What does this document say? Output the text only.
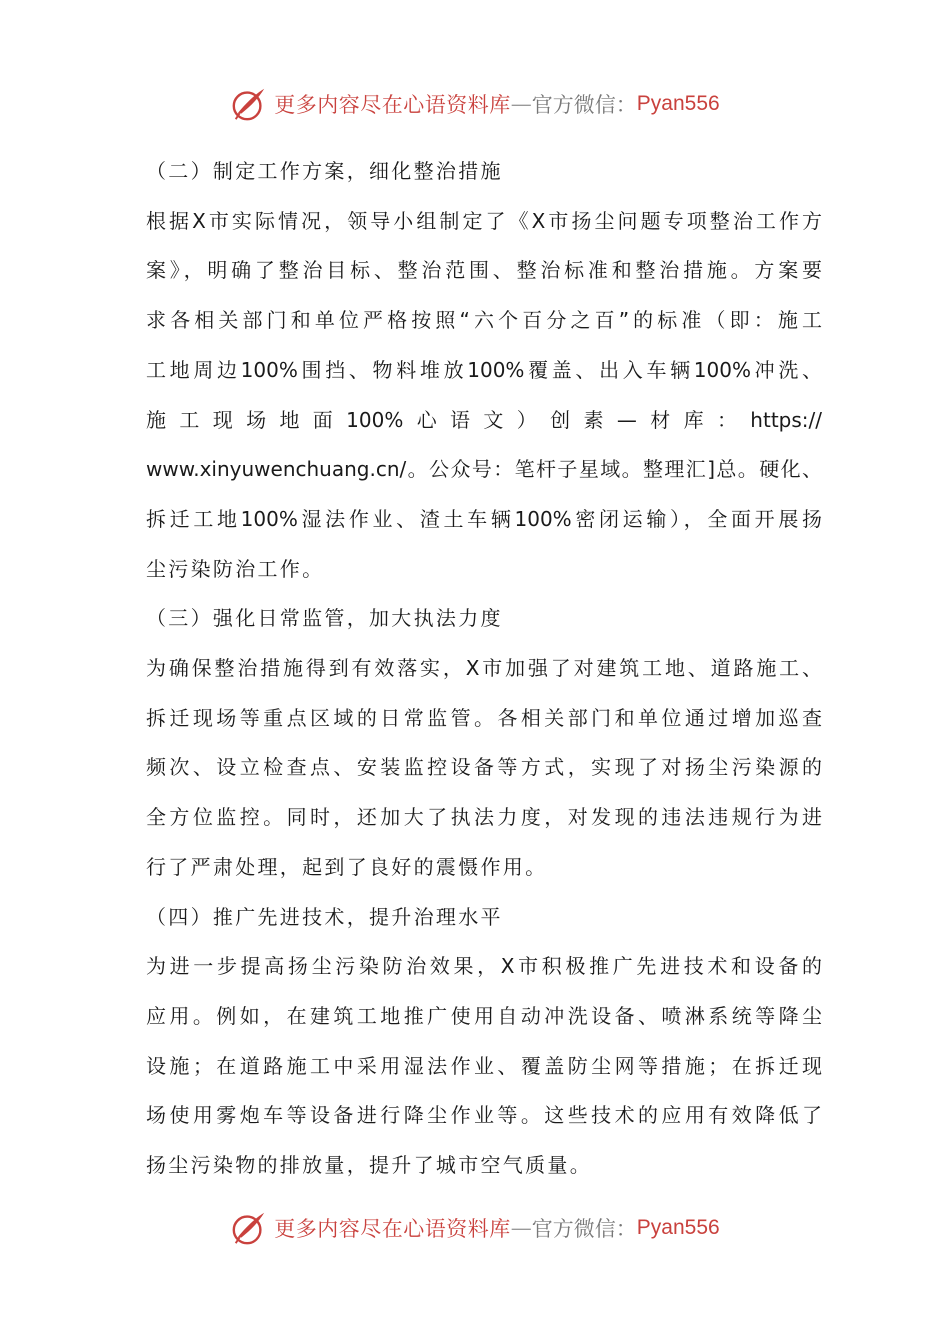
更多内容尽在心语资料库 — 官方微信： Pyan556
（二）制定工作方案，细化整治措施
根据X市实际情况，领导小组制定了《X市扬尘问题专项整治工作方
案》，明确了整治目标、整治范围、整治标准和整治措施。方案要
求各相关部门和单位严格按照“六个百分之百”的标准（即：施工
工地周边100%围挡、物料堆放100%覆盖、出入车辆100%冲洗、
施工现场地面100%心语文）创素—材库：https://
www.xinyuwenchuang.cn/。公众号：笔杆子星域。整理汇]总。硬化、
拆迁工地100%湿法作业、渣土车辆100%密闭运输），全面开展扬
尘污染防治工作。
（三）强化日常监管，加大执法力度
为确保整治措施得到有效落实，X市加强了对建筑工地、道路施工、
拆迁现场等重点区域的日常监管。各相关部门和单位通过增加巡查
频次、设立检查点、安装监控设备等方式，实现了对扬尘污染源的
全方位监控。同时，还加大了执法力度，对发现的违法违规行为进
行了严肃处理，起到了良好的震慑作用。
（四）推广先进技术，提升治理水平
为进一步提高扬尘污染防治效果，X市积极推广先进技术和设备的
应用。例如，在建筑工地推广使用自动冲洗设备、喷淋系统等降尘
设施；在道路施工中采用湿法作业、覆盖防尘网等措施；在拆迁现
场使用雾炮车等设备进行降尘作业等。这些技术的应用有效降低了
扬尘污染物的排放量，提升了城市空气质量。
更多内容尽在心语资料库 — 官方微信： Pyan556
